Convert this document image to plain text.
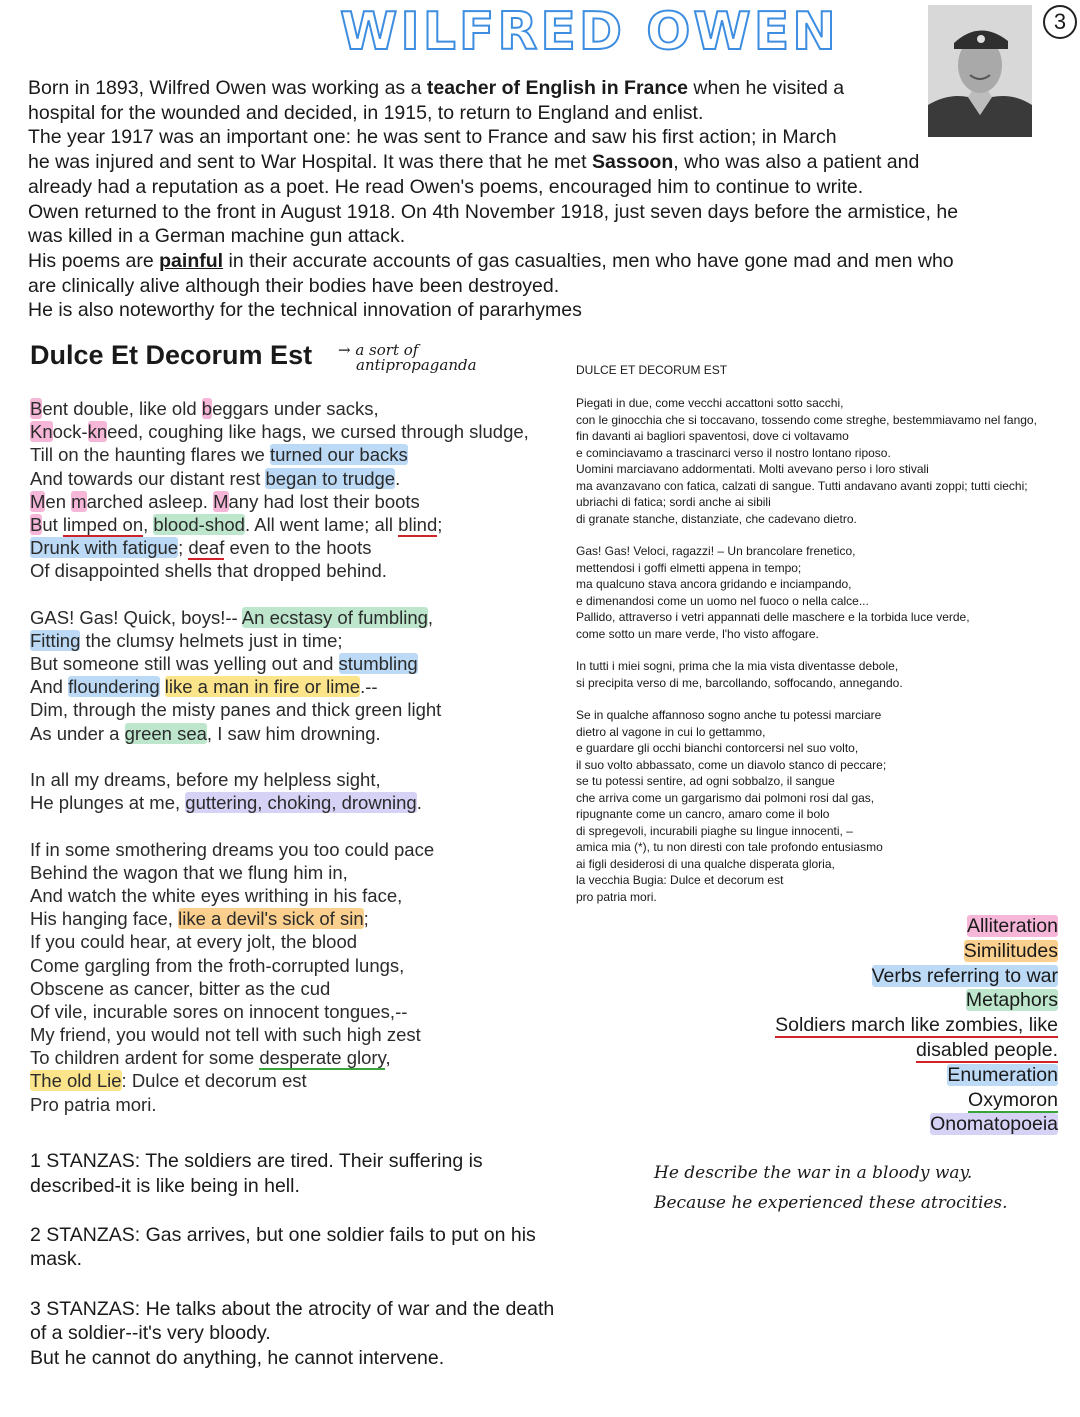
WILFRED OWEN	3

Born in 1893, Wilfred Owen was working as a teacher of English in France when he visited a

hospital for the wounded and decided, in 1915, to return to England and enlist.

The year 1917 was an important one: he was sent to France and saw his first action; in March

he was injured and sent to War Hospital. It was there that he met Sassoon, who was also a patient and

already had a reputation as a poet. He read Owen's poems, encouraged him to continue to write.

Owen returned to the front in August 1918. On 4th November 1918, just seven days before the armistice, he

was killed in a German machine gun attack.

His poems are painful in their accurate accounts of gas casualties, men who have gone mad and men who

are clinically alive although their bodies have been destroyed.

He is also noteworthy for the technical innovation of pararhymes

Dulce Et Decorum Est → a sort of
antipropaganda
Bent double, like old beggars under sacks,
Knock-kneed, coughing like hags, we cursed through sludge,
Till on the haunting flares we turned our backs
And towards our distant rest began to trudge.
Men marched asleep. Many had lost their boots
But limped on, blood-shod. All went lame; all blind;
Drunk with fatigue; deaf even to the hoots
Of disappointed shells that dropped behind.
GAS! Gas! Quick, boys!-- An ecstasy of fumbling,
Fitting the clumsy helmets just in time;
But someone still was yelling out and stumbling
And floundering like a man in fire or lime.--
Dim, through the misty panes and thick green light
As under a green sea, I saw him drowning.
In all my dreams, before my helpless sight,
He plunges at me, guttering, choking, drowning.
If in some smothering dreams you too could pace
Behind the wagon that we flung him in,
And watch the white eyes writhing in his face,
His hanging face, like a devil's sick of sin;
If you could hear, at every jolt, the blood
Come gargling from the froth-corrupted lungs,
Obscene as cancer, bitter as the cud
Of vile, incurable sores on innocent tongues,--
My friend, you would not tell with such high zest
To children ardent for some desperate glory,
The old Lie: Dulce et decorum est
Pro patria mori.
DULCE ET DECORUM EST
Piegati in due, come vecchi accattoni sotto sacchi,
con le ginocchia che si toccavano, tossendo come streghe, bestemmiavamo nel fango,
fin davanti ai bagliori spaventosi, dove ci voltavamo
e cominciavamo a trascinarci verso il nostro lontano riposo.
Uomini marciavano addormentati. Molti avevano perso i loro stivali
ma avanzavano con fatica, calzati di sangue. Tutti andavano avanti zoppi; tutti ciechi;
ubriachi di fatica; sordi anche ai sibili
di granate stanche, distanziate, che cadevano dietro.
Gas! Gas! Veloci, ragazzi! – Un brancolare frenetico,
mettendosi i goffi elmetti appena in tempo;
ma qualcuno stava ancora gridando e inciampando,
e dimenandosi come un uomo nel fuoco o nella calce...
Pallido, attraverso i vetri appannati delle maschere e la torbida luce verde,
come sotto un mare verde, l'ho visto affogare.
In tutti i miei sogni, prima che la mia vista diventasse debole,
si precipita verso di me, barcollando, soffocando, annegando.
Se in qualche affannoso sogno anche tu potessi marciare
dietro al vagone in cui lo gettammo,
e guardare gli occhi bianchi contorcersi nel suo volto,
il suo volto abbassato, come un diavolo stanco di peccare;
se tu potessi sentire, ad ogni sobbalzo, il sangue
che arriva come un gargarismo dai polmoni rosi dal gas,
ripugnante come un cancro, amaro come il bolo
di spregevoli, incurabili piaghe su lingue innocenti, –
amica mia (*), tu non diresti con tale profondo entusiasmo
ai figli desiderosi di una qualche disperata gloria,
la vecchia Bugia: Dulce et decorum est
pro patria mori.
Alliteration
Similitudes
Verbs referring to war
Metaphors
Soldiers march like zombies, like
disabled people.
Enumeration
Oxymoron
Onomatopoeia

1 STANZAS: The soldiers are tired. Their suffering is described-it is like being in hell.

2 STANZAS: Gas arrives, but one soldier fails to put on his mask.

3 STANZAS: He talks about the atrocity of war and the death of a soldier--it's very bloody.

But he cannot do anything, he cannot intervene.

He describe the war in a bloody way.
Because he experienced these atrocities.
